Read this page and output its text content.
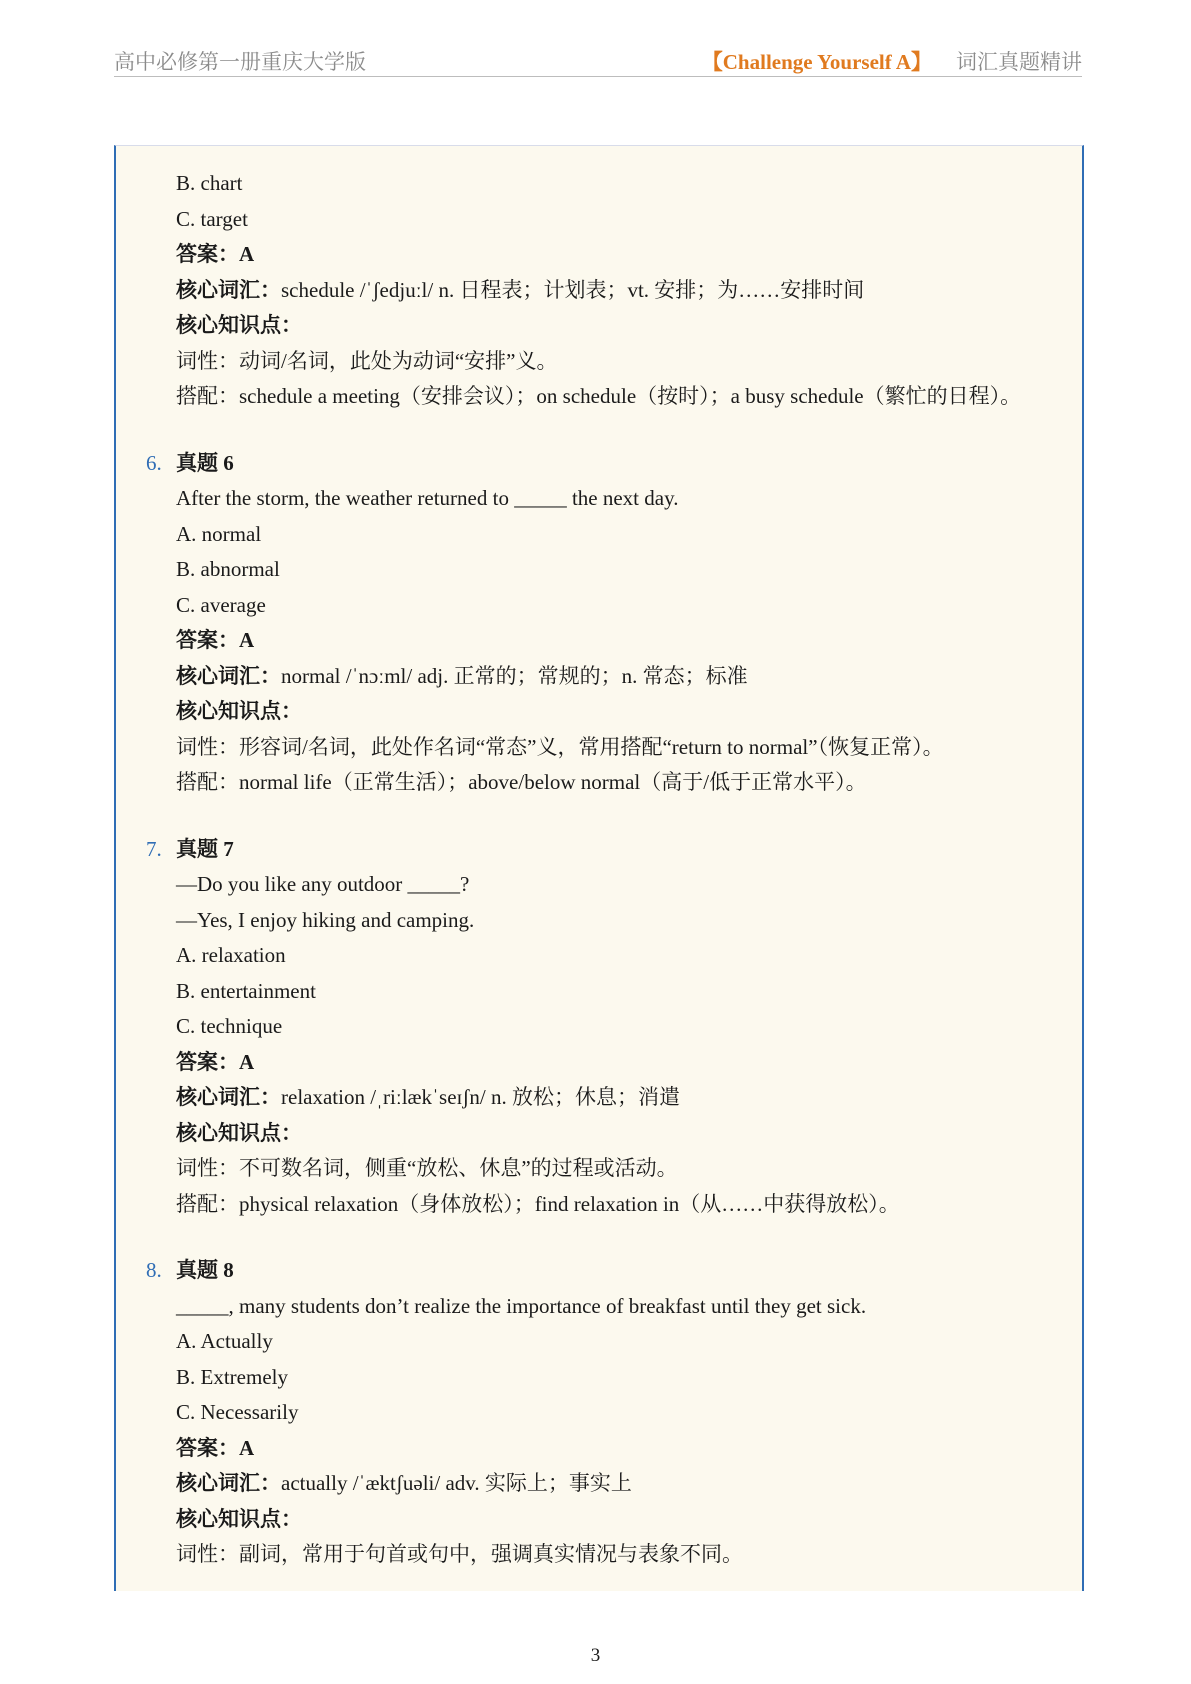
高中必修第一册重庆大学版	【Challenge Yourself A】 词汇真题精讲
B. chart
C. target
答案：A
核心词汇：schedule /ˈʃedjuːl/ n. 日程表；计划表；vt. 安排；为……安排时间
核心知识点：
词性：动词/名词，此处为动词“安排”义。
搭配：schedule a meeting（安排会议）；on schedule（按时）；a busy schedule（繁忙的日程）。
6. 真题 6
After the storm, the weather returned to _____ the next day.
A. normal
B. abnormal
C. average
答案：A
核心词汇：normal /ˈnɔːml/ adj. 正常的；常规的；n. 常态；标准
核心知识点：
词性：形容词/名词，此处作名词“常态”义，常用搭配“return to normal”（恢复正常）。
搭配：normal life（正常生活）；above/below normal（高于/低于正常水平）。
7. 真题 7
—Do you like any outdoor _____?
—Yes, I enjoy hiking and camping.
A. relaxation
B. entertainment
C. technique
答案：A
核心词汇：relaxation /ˌriːlækˈseɪʃn/ n. 放松；休息；消遣
核心知识点：
词性：不可数名词，侧重“放松、休息”的过程或活动。
搭配：physical relaxation（身体放松）；find relaxation in（从……中获得放松）。
8. 真题 8
_____, many students don’t realize the importance of breakfast until they get sick.
A. Actually
B. Extremely
C. Necessarily
答案：A
核心词汇：actually /ˈæktʃuəli/ adv. 实际上；事实上
核心知识点：
词性：副词，常用于句首或句中，强调真实情况与表象不同。
3
